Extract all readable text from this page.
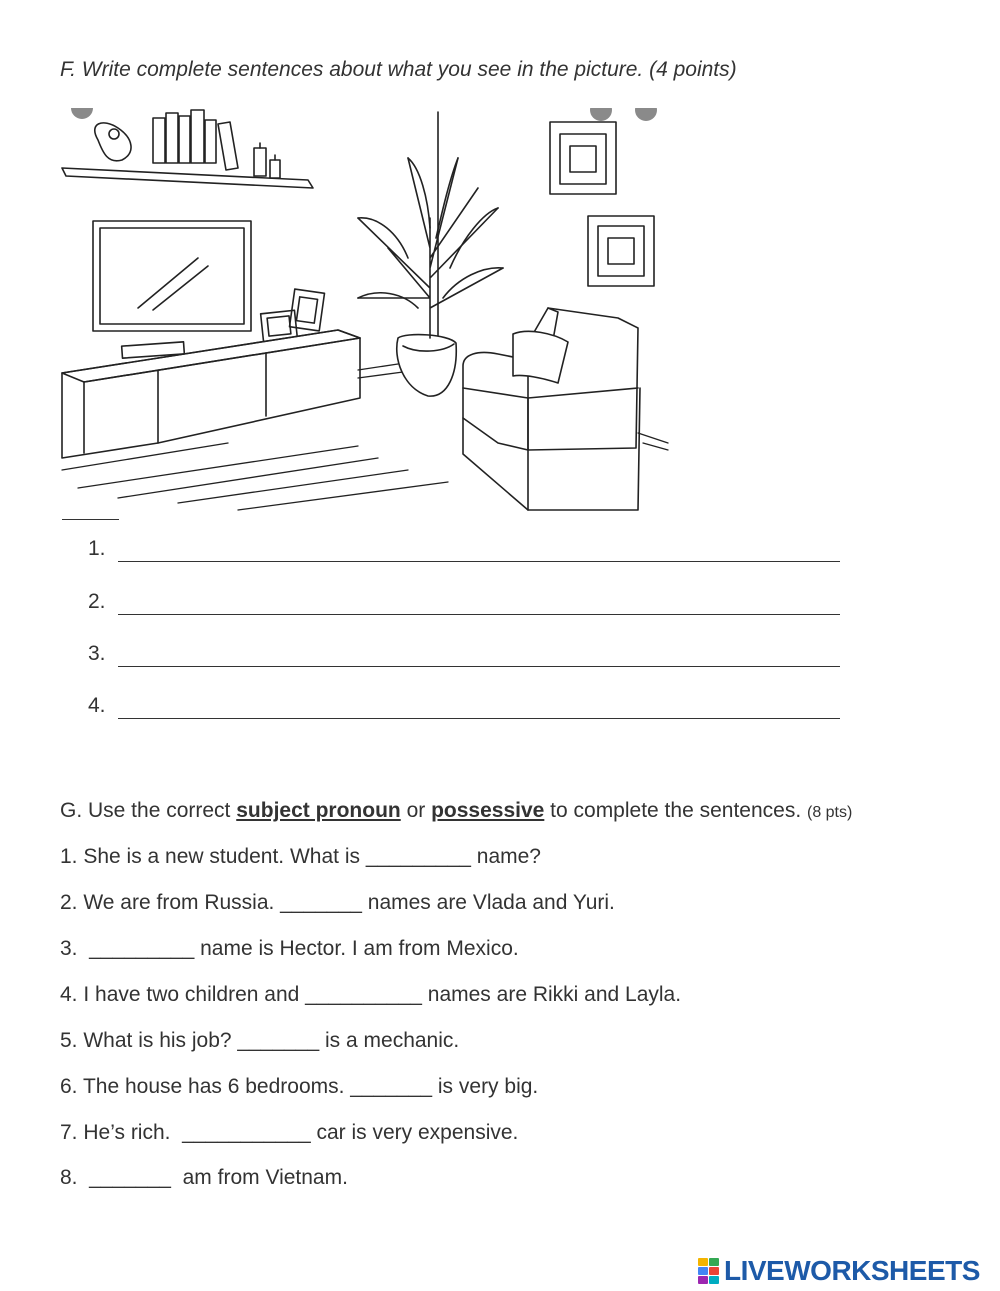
F. Write complete sentences about what you see in the picture. (4 points)
1.
2.
3.
4.
G. Use the correct subject pronoun or possessive to complete the sentences. (8 pts)
1. She is a new student. What is _________ name?
2. We are from Russia. _______ names are Vlada and Yuri.
3.  _________ name is Hector. I am from Mexico.
4. I have two children and __________ names are Rikki and Layla.
5. What is his job? _______ is a mechanic.
6. The house has 6 bedrooms. _______ is very big.
7. He’s rich.  ___________ car is very expensive.
8.  _______  am from Vietnam.
LIVEWORKSHEETS
